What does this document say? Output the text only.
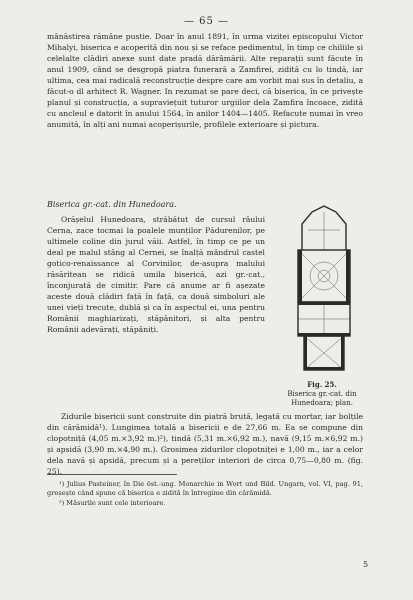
— 65 —

mânăstirea rămâne pustie. Doar în anul 1891, în urma vizitei episcopului Victor Mihalyi, biserica e acoperită din nou și se reface pedimentul, în timp ce chiliile și celelalte clădiri anexe sunt date pradă dărâmării. Alte reparații sunt făcute în anul 1909, când se desgropă piatra funerară a Zamfirei, zidită cu lo tindă, iar ultima, cea mai radicală reconstrucție despre care am vorbit mai sus în detaliu, a făcut-o dl arhitect R. Wagner. In rezumat se pare deci, că biserica, în ce privește planul și construcția, a supraviețuit tuturor urgiilor dela Zamfira încoace, zidită cu ancleul e datorit în anului 1564, în anilor 1404—1405. Refacute numai în vreo anumită, în alți ani numai acoperișurile, profilele exterioare și pictura.

Biserica gr.-cat. din Hunedoara.

Orășelul Hunedoara, străbătut de cursul râului Cerna, zace tocmai la poalele munților Pădurenilor, pe ultimele coline din jurul văii. Astfel, în timp ce pe un deal pe malul stâng al Cernei, se înalță mândrul castel gotico-renaissance al Corvinilor, de-asupra malului răsăritean se ridică umila biserică, azi gr.-cat., înconjurată de cimitir. Pare că anume ar fi așezate aceste două clădiri față în față, ca două simboluri ale unei vieți trecute, dublă și ca în aspectul ei, una pentru Românii maghiarizați, stăpânitori, și alta pentru Românii adevărați, stăpâniți.

Fig. 25.
Biserica gr.-cat. din Hunedoara; plan.

Zidurile bisericii sunt construite din piatră brută, legată cu mortar, iar bolțile din cărămidă¹). Lungimea totală a bisericii e de 27,66 m. Ea se compune din clopotniță (4,05 m.×3,92 m.)²), tindă (5,31 m.×6,92 m.), navă (9,15 m.×6,92 m.) și apsidă (3,90 m.×4,90 m.). Grosimea zidurilor clopotniței e 1,00 m., iar a celor dela navă și apsidă, precum și a pereților interiori de circa 0,75—0,80 m. (fig. 25).

¹) Julius Pasteiner, în Die öst.-ung. Monarchie in Wort und Bild. Ungarn, vol. VI, pag. 91, greșește când spune că biserica e zidită în întregime din cărămidă.

²) Măsurile sunt cele interioare.

5
